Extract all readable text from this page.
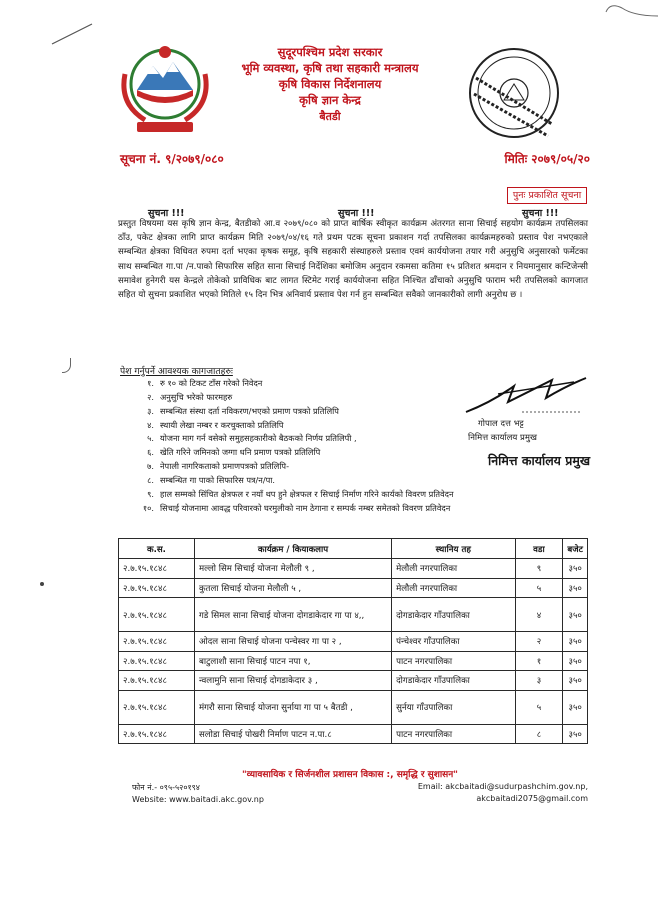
सुदूरपश्चिम प्रदेश सरकार
भूमि व्यवस्था, कृषि तथा सहकारी मन्त्रालय
कृषि विकास निर्देशनालय
कृषि ज्ञान केन्द्र
बैतडी
सूचना नं. ९/२०७९/०८०	मितिः २०७९/०५/२०
पुनः प्रकाशित सूचना
सुचना !!!	सुचना !!!	सुचना !!!
प्रस्तुत विषयमा यस कृषि ज्ञान केन्द्र, बैतडीको आ.व २०७९/०८० को प्राप्त बार्षिक स्वीकृत कार्यक्रम अंतरगत साना सिचाई सहयोग कार्यक्रम तपसिलका ठाँउ, पकेट क्षेत्रका लागि प्राप्त कार्यक्रम मिति २०७९/०४/१६ गते प्रथम पटक सूचना प्रकाशन गर्दा तपसिलका कार्यक्रमहरुको प्रस्ताव पेश नभएकाले सम्बन्धित क्षेत्रका विधिवत रुपमा दर्ता भएका कृषक समूह, कृषि सहकारी संस्थाहरुले प्रस्ताव एवमं कार्ययोजना तयार गरी अनुसुचि अनुसारको फर्मेटका साथ सम्बन्धित गा.पा /न.पाको सिफारिस सहित साना सिचाई निर्देशिका बमोजिम अनुदान रकमसा कतिमा १५ प्रतिशत श्रमदान र नियमानुसार कन्टिजेन्सी समावेश हुनेगरी यस केन्द्रले तोकेको प्राविधिक बाट लागत स्टिमेट गराई कार्ययोजना सहित निश्चित ढाँचाको अनुसुचि फाराम भरी तपसिलको कागजात सहित यो सुचना प्रकाशित भएको मितिले १५ दिन भित्र अनिवार्य प्रस्ताव पेश गर्न हुन सम्बन्धित सवैको जानकारीको लागी अनुरोध छ ।
पेश गर्नुपर्ने आवश्यक कागजातहरुः
१. रु १० को टिकट टाँस गरेको निवेदन
२. अनुसुचि भरेको फारमहरु
३. सम्बन्धित संस्था दर्ता नविकरण/भएको प्रमाण पत्रको प्रतिलिपि
४. स्थायी लेखा नम्बर र करचुक्ताको प्रतिलिपि
५. योजना माग गर्न वसेको समुहसहकारीको बैठकको निर्णय प्रतिलिपी ,
६. खेति गरिने जमिनको जग्गा धनि प्रमाण पत्रको प्रतिलिपि
७. नेपाली नागरिकताको प्रमाणपत्रको प्रतिलिपि-
८. सम्बन्धित गा पाको सिफारिस पत्र/न/पा.
९. हाल सम्मको सिंचित क्षेत्रफल र नयाँ थप हुने क्षेत्रफल र सिचाई निर्माण गरिने कार्यको विवरण प्रतिवेदन
१०. सिचाई योजनामा आवद्ध परिवारको घरमुलीको नाम ठेगाना र सम्पर्क नम्बर समेतको विवरण प्रतिवेदन
गोपाल दत्त भट्ट
निमित्त कार्यालय प्रमुख
निमित्त कार्यालय प्रमुख
क.स.	कार्यक्रम / कियाकलाप	स्थानिय तह	वडा	बजेट
२.७.१५.१८४८	मल्लो सिम सिचाई योजना मेलौली ९ ,	मेलौली नगरपालिका	९	३५०
२.७.१५.१८४८	कुतला सिचाई योजना मेलौली ५ ,	मेलौली नगरपालिका	५	३५०
२.७.१५.१८४८	गडे सिमल साना सिचाई योजना दोगडाकेदार गा पा ४,,	दोगडाकेदार गाँउपालिका	४	३५०
२.७.१५.१८४८	ओदल साना सिचाई योजना पन्चेस्वर गा पा २ ,	पंन्चेश्वर गाँउपालिका	२	३५०
२.७.१५.१८४८	बाटुलाशौ साना सिचाई पाटन नपा १,	पाटन नगरपालिका	१	३५०
२.७.१५.१८४८	न्वलामुनि साना सिचाई दोगडाकेदार ३ ,	दोगडाकेदार गाँउपालिका	३	३५०
२.७.१५.१८४८	मंगरौ साना सिचाई योजना सुर्नाया गा पा ५ बैतडी ,	सुर्नया गाँउपालिका	५	३५०
२.७.१५.१८४८	सलोडा सिचाई पोखरी निर्माण पाटन न.पा.८	पाटन नगरपालिका	८	३५०
"व्यावसायिक र सिर्जनशील प्रशासन विकास :, समृद्धि र सुशासन"
फोन नं.- ०९५-५२०१९४
Website: www.baitadi.akc.gov.np
Email: akcbaitadi@sudurpashchim.gov.np,
akcbaitadi2075@gmail.com
